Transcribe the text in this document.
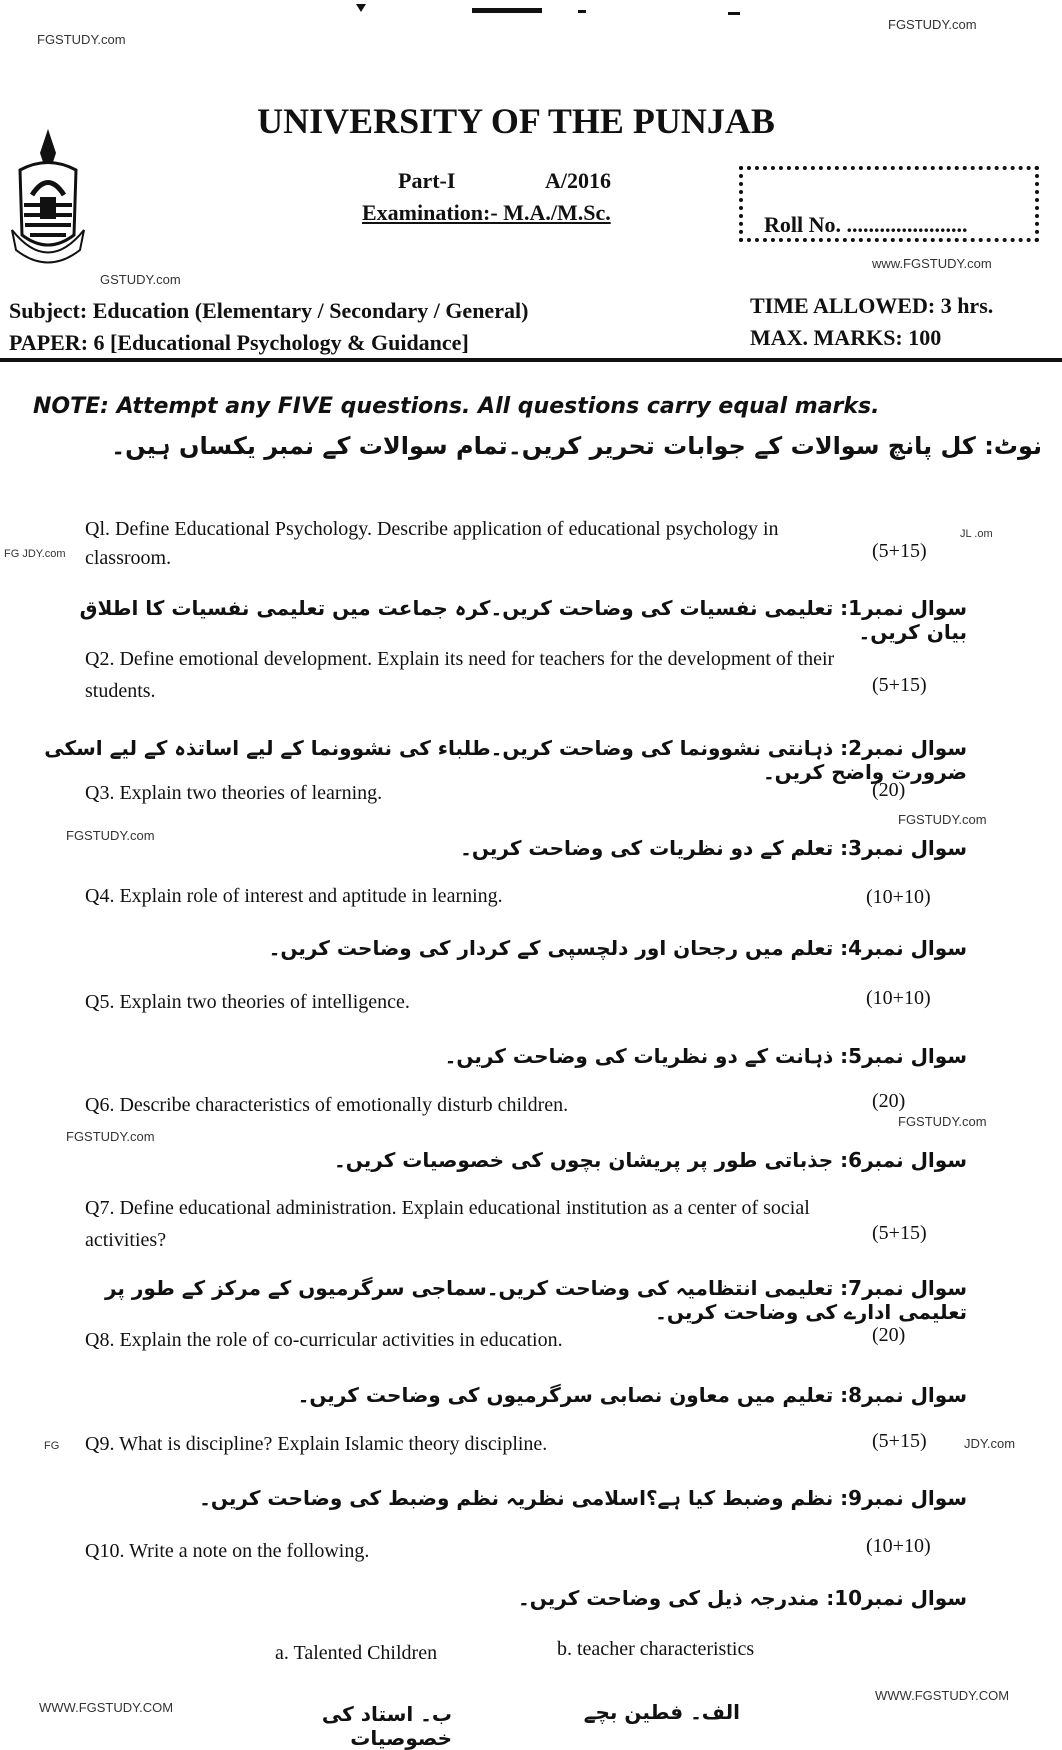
FGSTUDY.com
FGSTUDY.com
GSTUDY.com
www.FGSTUDY.com
JL .om
FG JDY.com
FGSTUDY.com
FGSTUDY.com
FGSTUDY.com
FGSTUDY.com
FG	JDY.com
WWW.FGSTUDY.COM
WWW.FGSTUDY.COM
UNIVERSITY OF THE PUNJAB
Part-I	A/2016
Examination:- M.A./M.Sc.	Roll No. ......................
Subject: Education (Elementary / Secondary / General)
PAPER: 6 [Educational Psychology & Guidance]
TIME ALLOWED: 3 hrs.
MAX. MARKS: 100
NOTE: Attempt any FIVE questions. All questions carry equal marks.
نوٹ: کل پانچ سوالات کے جوابات تحریر کریں۔تمام سوالات کے نمبر یکساں ہیں۔
Ql. Define Educational Psychology. Describe application of educational psychology in
classroom.	(5+15)
سوال نمبر1: تعلیمی نفسیات کی وضاحت کریں۔کرہ جماعت میں تعلیمی نفسیات کا اطلاق بیان کریں۔
Q2. Define emotional development. Explain its need for teachers for the development of their
students.	(5+15)
سوال نمبر2: ذہانتی نشوونما کی وضاحت کریں۔طلباء کی نشوونما کے لیے اساتذہ کے لیے اسکی ضرورت واضح کریں۔
Q3. Explain two theories of learning.	(20)
سوال نمبر3: تعلم کے دو نظریات کی وضاحت کریں۔
Q4. Explain role of interest and aptitude in learning.	(10+10)
سوال نمبر4: تعلم میں رجحان اور دلچسپی کے کردار کی وضاحت کریں۔
Q5. Explain two theories of intelligence.	(10+10)
سوال نمبر5: ذہانت کے دو نظریات کی وضاحت کریں۔
Q6. Describe characteristics of emotionally disturb children.	(20)
سوال نمبر6: جذباتی طور پر پریشان بچوں کی خصوصیات کریں۔
Q7. Define educational administration. Explain educational institution as a center of social
activities?	(5+15)
سوال نمبر7: تعلیمی انتظامیہ کی وضاحت کریں۔سماجی سرگرمیوں کے مرکز کے طور پر تعلیمی ادارے کی وضاحت کریں۔
Q8. Explain the role of co-curricular activities in education.	(20)
سوال نمبر8: تعلیم میں معاون نصابی سرگرمیوں کی وضاحت کریں۔
Q9. What is discipline? Explain Islamic theory discipline.	(5+15)
سوال نمبر9: نظم وضبط کیا ہے؟اسلامی نظریہ نظم وضبط کی وضاحت کریں۔
Q10. Write a note on the following.	(10+10)
سوال نمبر10: مندرجہ ذیل کی وضاحت کریں۔
a. Talented Children	b. teacher characteristics
الف۔ فطین بچے
ب۔ استاد کی خصوصیات
